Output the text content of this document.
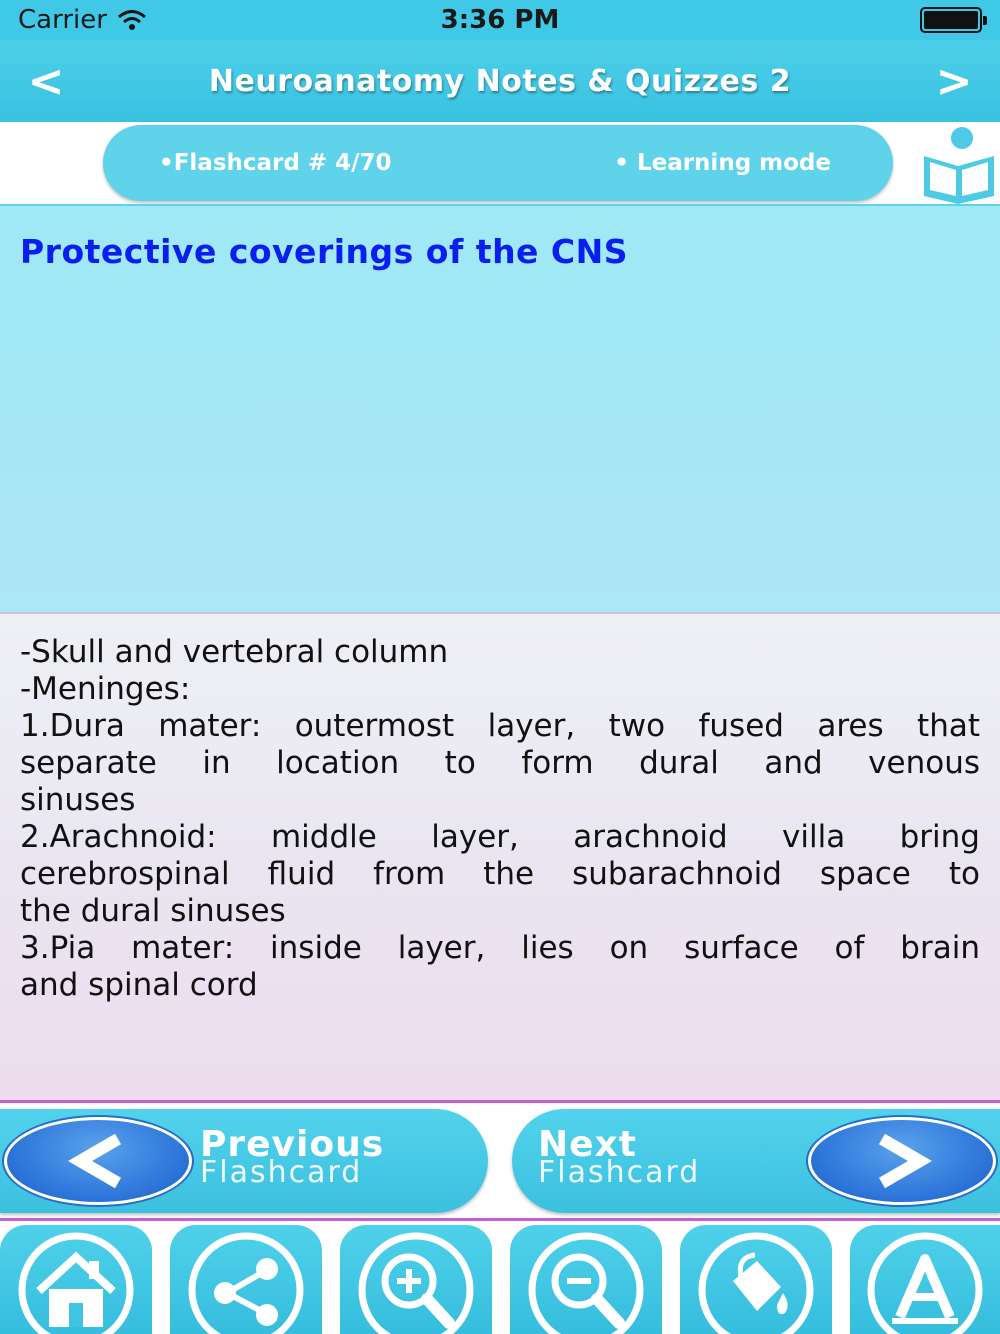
Carrier	3:36 PM
<	Neuroanatomy Notes & Quizzes 2	>
•Flashcard # 4/70	• Learning mode
Protective coverings of the CNS
-Skull and vertebral column
-Meninges:
1.Dura mater: outermost layer, two fused ares that
separate in location to form dural and venous
sinuses
2.Arachnoid: middle layer, arachnoid villa bring
cerebrospinal fluid from the subarachnoid space to
the dural sinuses
3.Pia mater: inside layer, lies on surface of brain
and spinal cord
Previous
Flashcard
Next
Flashcard
